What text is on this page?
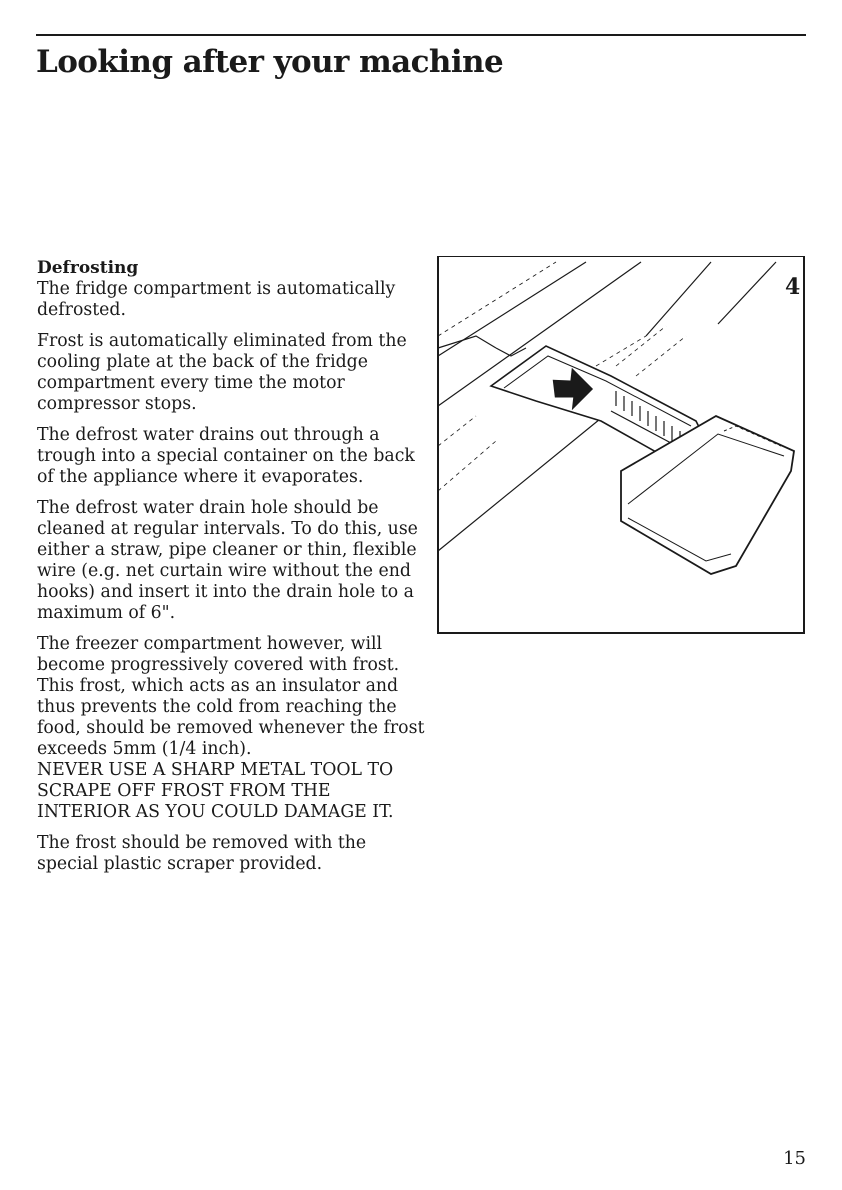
Looking after your machine
Defrosting

The fridge compartment is automatically defrosted.

Frost is automatically eliminated from the cooling plate at the back of the fridge compartment every time the motor compressor stops.

The defrost water drains out through a trough into a special container on the back of the appliance where it evaporates.

The defrost water drain hole should be cleaned at regular intervals. To do this, use either a straw, pipe cleaner or thin, flexible wire (e.g. net curtain wire without the end hooks) and insert it into the drain hole to a maximum of 6".

The freezer compartment however, will become progressively covered with frost. This frost, which acts as an insulator and thus prevents the cold from reaching the food, should be removed whenever the frost exceeds 5mm (1/4 inch).

NEVER USE A SHARP METAL TOOL TO SCRAPE OFF FROST FROM THE INTERIOR AS YOU COULD DAMAGE IT.

The frost should be removed with the special plastic scraper provided.

4
15
